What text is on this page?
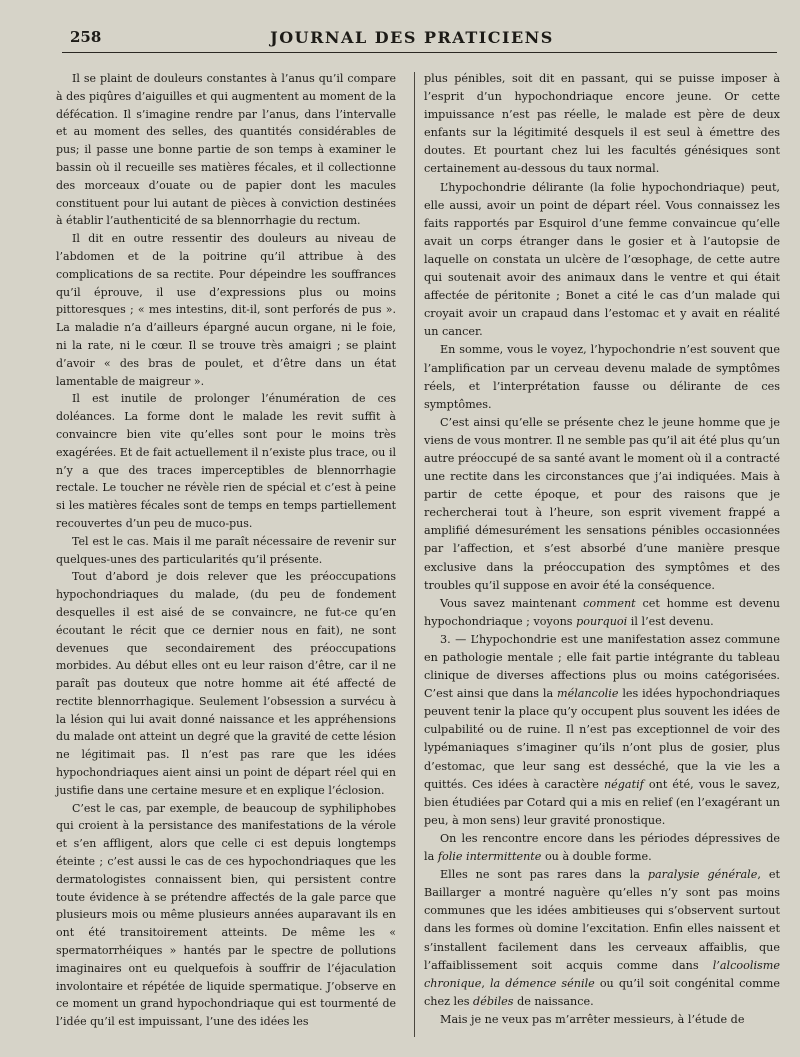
258	JOURNAL DES PRATICIENS

Il se plaint de douleurs constantes à l’anus qu’il compare à des piqûres d’aiguilles et qui augmentent au moment de la défécation. Il s’imagine rendre par l’anus, dans l’intervalle et au moment des selles, des quantités considérables de pus; il passe une bonne partie de son temps à examiner le bassin où il recueille ses matières fécales, et il collectionne des morceaux d’ouate ou de papier dont les macules constituent pour lui autant de pièces à conviction destinées à établir l’authenticité de sa blennorrhagie du rectum.

Il dit en outre ressentir des douleurs au niveau de l’abdomen et de la poitrine qu’il attribue à des complications de sa rectite. Pour dépeindre les souffrances qu’il éprouve, il use d’expressions plus ou moins pittoresques ; « mes intestins, dit-il, sont perforés de pus ». La maladie n’a d’ailleurs épargné aucun organe, ni le foie, ni la rate, ni le cœur. Il se trouve très amaigri ; se plaint d’avoir « des bras de poulet, et d’être dans un état lamentable de maigreur ».

Il est inutile de prolonger l’énumération de ces doléances. La forme dont le malade les revit suffit à convaincre bien vite qu’elles sont pour le moins très exagérées. Et de fait actuellement il n’existe plus trace, ou il n’y a que des traces imperceptibles de blennorrhagie rectale. Le toucher ne révèle rien de spécial et c’est à peine si les matières fécales sont de temps en temps partiellement recouvertes d’un peu de muco-pus.

Tel est le cas. Mais il me paraît nécessaire de revenir sur quelques-unes des particularités qu’il présente.

Tout d’abord je dois relever que les préoccupations hypochondriaques du malade, (du peu de fondement desquelles il est aisé de se convaincre, ne fut-ce qu’en écoutant le récit que ce dernier nous en fait), ne sont devenues que secondairement des préoccupations morbides. Au début elles ont eu leur raison d’être, car il ne paraît pas douteux que notre homme ait été affecté de rectite blennorrhagique. Seulement l’obsession a survécu à la lésion qui lui avait donné naissance et les appréhensions du malade ont atteint un degré que la gravité de cette lésion ne légitimait pas. Il n’est pas rare que les idées hypochondriaques aient ainsi un point de départ réel qui en justifie dans une certaine mesure et en explique l’éclosion.

C’est le cas, par exemple, de beaucoup de syphiliphobes qui croient à la persistance des manifestations de la vérole et s’en affligent, alors que celle ci est depuis longtemps éteinte ; c’est aussi le cas de ces hypochondriaques que les dermatologistes connaissent bien, qui persistent contre toute évidence à se prétendre affectés de la gale parce que plusieurs mois ou même plusieurs années auparavant ils en ont été transitoirement atteints. De même les « spermatorrhéiques » hantés par le spectre de pollutions imaginaires ont eu quelquefois à souffrir de l’éjaculation involontaire et répétée de liquide spermatique. J’observe en ce moment un grand hypochondriaque qui est tourmenté de l’idée qu’il est impuissant, l’une des idées les

plus pénibles, soit dit en passant, qui se puisse imposer à l’esprit d’un hypochondriaque encore jeune. Or cette impuissance n’est pas réelle, le malade est père de deux enfants sur la légitimité desquels il est seul à émettre des doutes. Et pourtant chez lui les facultés génésiques sont certainement au-dessous du taux normal.

L’hypochondrie délirante (la folie hypochondriaque) peut, elle aussi, avoir un point de départ réel. Vous connaissez les faits rapportés par Esquirol d’une femme convaincue qu’elle avait un corps étranger dans le gosier et à l’autopsie de laquelle on constata un ulcère de l’œsophage, de cette autre qui soutenait avoir des animaux dans le ventre et qui était affectée de péritonite ; Bonet a cité le cas d’un malade qui croyait avoir un crapaud dans l’estomac et y avait en réalité un cancer.

En somme, vous le voyez, l’hypochondrie n’est souvent que l’amplification par un cerveau devenu malade de symptômes réels, et l’interprétation fausse ou délirante de ces symptômes.

C’est ainsi qu’elle se présente chez le jeune homme que je viens de vous montrer. Il ne semble pas qu’il ait été plus qu’un autre préoccupé de sa santé avant le moment où il a contracté une rectite dans les circonstances que j’ai indiquées. Mais à partir de cette époque, et pour des raisons que je rechercherai tout à l’heure, son esprit vivement frappé a amplifié démesurément les sensations pénibles occasionnées par l’affection, et s’est absorbé d’une manière presque exclusive dans la préoccupation des symptômes et des troubles qu’il suppose en avoir été la conséquence.

Vous savez maintenant comment cet homme est devenu hypochondriaque ; voyons pourquoi il l’est devenu.

3. — L’hypochondrie est une manifestation assez commune en pathologie mentale ; elle fait partie intégrante du tableau clinique de diverses affections plus ou moins catégorisées. C’est ainsi que dans la mélancolie les idées hypochondriaques peuvent tenir la place qu’y occupent plus souvent les idées de culpabilité ou de ruine. Il n’est pas exceptionnel de voir des lypémaniaques s’imaginer qu’ils n’ont plus de gosier, plus d’estomac, que leur sang est desséché, que la vie les a quittés. Ces idées à caractère négatif ont été, vous le savez, bien étudiées par Cotard qui a mis en relief (en l’exagérant un peu, à mon sens) leur gravité pronostique.

On les rencontre encore dans les périodes dépressives de la folie intermittente ou à double forme.

Elles ne sont pas rares dans la paralysie générale, et Baillarger a montré naguère qu’elles n’y sont pas moins communes que les idées ambitieuses qui s’observent surtout dans les formes où domine l’excitation. Enfin elles naissent et s’installent facilement dans les cerveaux affaiblis, que l’affaiblissement soit acquis comme dans l’alcoolisme chronique, la démence sénile ou qu’il soit congénital comme chez les débiles de naissance.

Mais je ne veux pas m’arrêter messieurs, à l’étude de
